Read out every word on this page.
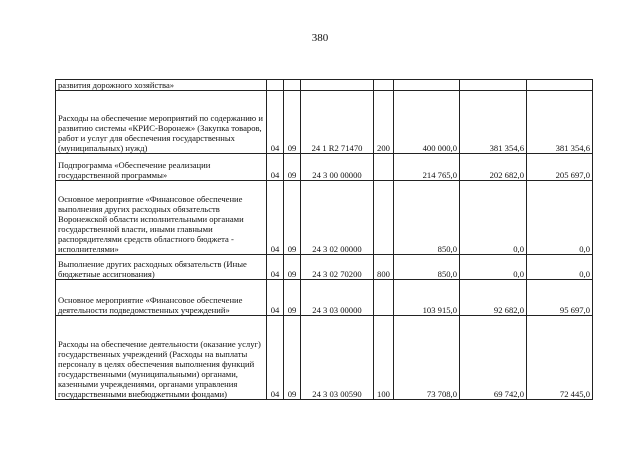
380
развития дорожного хозяйства»							
Расходы на обеспечение мероприятий по содержанию и развитию системы «КРИС-Воронеж» (Закупка товаров, работ и услуг для обеспечения государственных (муниципальных) нужд)	04	09	24 1 R2 71470	200	400 000,0	381 354,6	381 354,6
Подпрограмма «Обеспечение реализации государственной программы»	04	09	24 3 00 00000		214 765,0	202 682,0	205 697,0
Основное мероприятие «Финансовое обеспечение выполнения других расходных обязательств Воронежской области исполнительными органами государственной власти, иными главными распорядителями средств областного бюджета - исполнителями»	04	09	24 3 02 00000		850,0	0,0	0,0
Выполнение других расходных обязательств (Иные бюджетные ассигнования)	04	09	24 3 02 70200	800	850,0	0,0	0,0
Основное мероприятие «Финансовое обеспечение деятельности подведомственных учреждений»	04	09	24 3 03 00000		103 915,0	92 682,0	95 697,0
Расходы на обеспечение деятельности (оказание услуг) государственных учреждений (Расходы на выплаты персоналу в целях обеспечения выполнения функций государственными (муниципальными) органами, казенными учреждениями, органами управления государственными внебюджетными фондами)	04	09	24 3 03 00590	100	73 708,0	69 742,0	72 445,0
